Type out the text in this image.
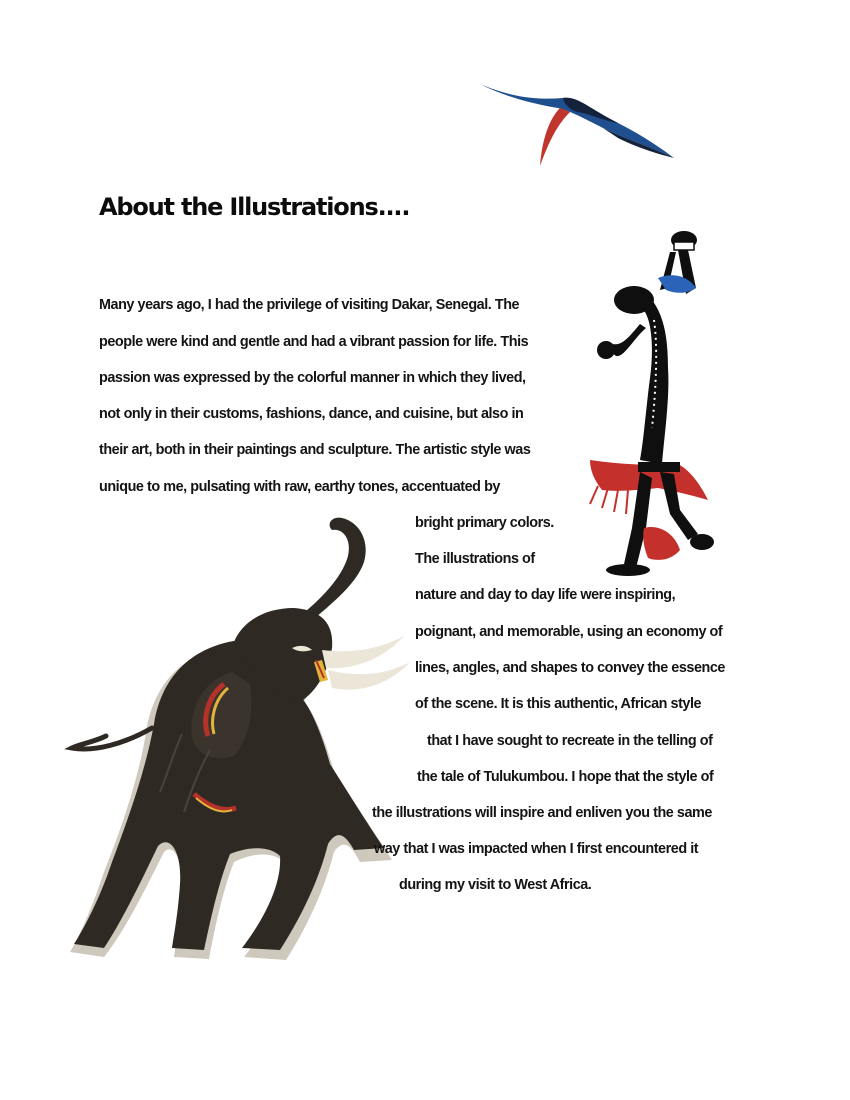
About the Illustrations....

Many years ago, I had the privilege of visiting Dakar, Senegal. The

people were kind and gentle and had a vibrant passion for life. This

passion was expressed by the colorful manner in which they lived,

not only in their customs, fashions, dance, and cuisine, but also in

their art, both in their paintings and sculpture. The artistic style was

unique to me, pulsating with raw, earthy tones, accentuated by

bright primary colors.

The illustrations of

nature and day to day life were inspiring,

poignant, and memorable, using an economy of

lines, angles, and shapes to convey the essence

of the scene. It is this authentic, African style

that I have sought to recreate in the telling of

the tale of Tulukumbou. I hope that the style of

the illustrations will inspire and enliven you the same

way that I was impacted when I first encountered it

during my visit to West Africa.
